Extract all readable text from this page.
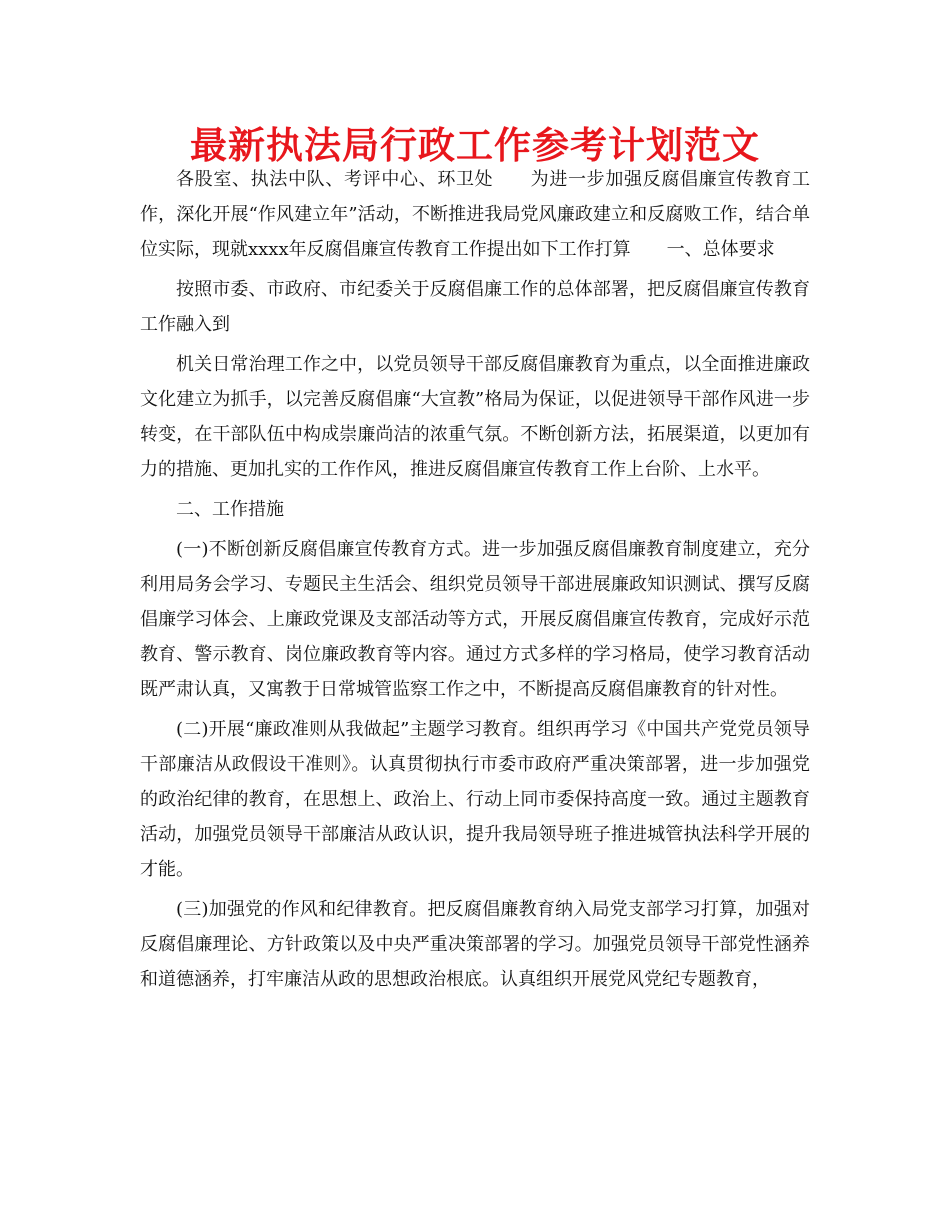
最新执法局行政工作参考计划范文

各股室、执法中队、考评中心、环卫处　　为进一步加强反腐倡廉宣传教育工作，深化开展“作风建立年”活动，不断推进我局党风廉政建立和反腐败工作，结合单位实际，现就xxxx年反腐倡廉宣传教育工作提出如下工作打算　　一、总体要求

按照市委、市政府、市纪委关于反腐倡廉工作的总体部署，把反腐倡廉宣传教育工作融入到

机关日常治理工作之中，以党员领导干部反腐倡廉教育为重点，以全面推进廉政文化建立为抓手，以完善反腐倡廉“大宣教”格局为保证，以促进领导干部作风进一步转变，在干部队伍中构成崇廉尚洁的浓重气氛。不断创新方法，拓展渠道，以更加有力的措施、更加扎实的工作作风，推进反腐倡廉宣传教育工作上台阶、上水平。

二、工作措施

(一)不断创新反腐倡廉宣传教育方式。进一步加强反腐倡廉教育制度建立，充分利用局务会学习、专题民主生活会、组织党员领导干部进展廉政知识测试、撰写反腐倡廉学习体会、上廉政党课及支部活动等方式，开展反腐倡廉宣传教育，完成好示范教育、警示教育、岗位廉政教育等内容。通过方式多样的学习格局，使学习教育活动既严肃认真，又寓教于日常城管监察工作之中，不断提高反腐倡廉教育的针对性。

(二)开展“廉政准则从我做起”主题学习教育。组织再学习《中国共产党党员领导干部廉洁从政假设干准则》。认真贯彻执行市委市政府严重决策部署，进一步加强党的政治纪律的教育，在思想上、政治上、行动上同市委保持高度一致。通过主题教育活动，加强党员领导干部廉洁从政认识，提升我局领导班子推进城管执法科学开展的才能。

(三)加强党的作风和纪律教育。把反腐倡廉教育纳入局党支部学习打算，加强对反腐倡廉理论、方针政策以及中央严重决策部署的学习。加强党员领导干部党性涵养和道德涵养，打牢廉洁从政的思想政治根底。认真组织开展党风党纪专题教育，
